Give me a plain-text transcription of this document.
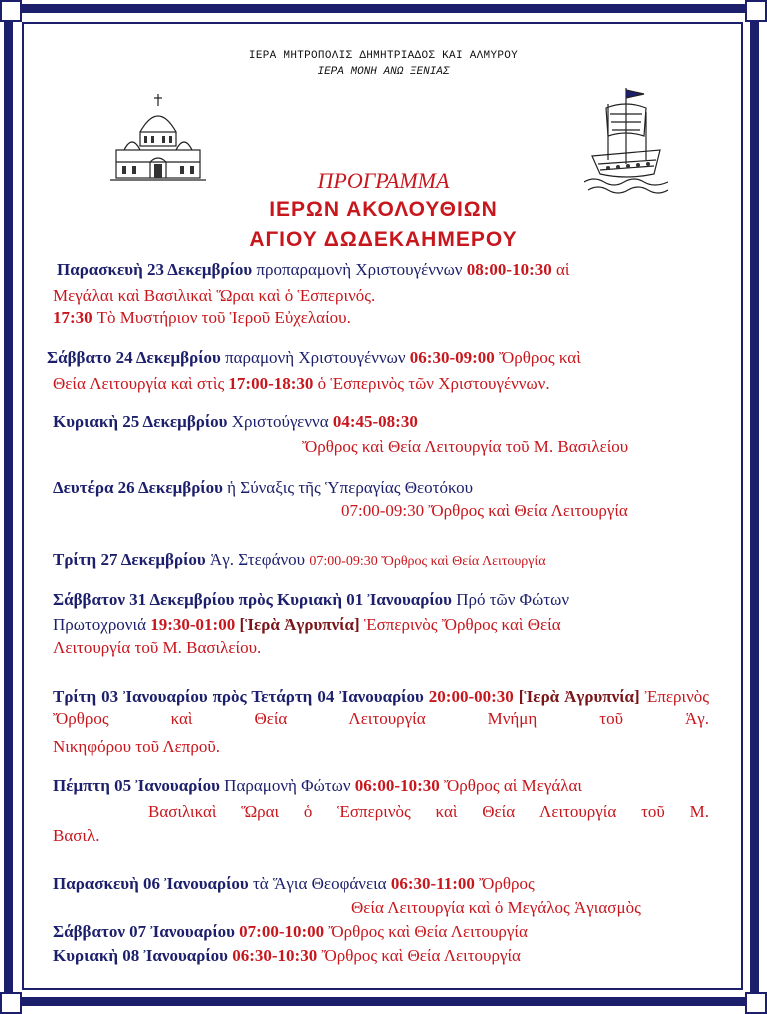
ΙΕΡΑ ΜΗΤΡΟΠΟΛΙΣ ΔΗΜΗΤΡΙΑΔΟΣ ΚΑΙ ΑΛΜΥΡΟΥ
ΙΕΡΑ ΜΟΝΗ ΑΝΩ ΞΕΝΙΑΣ
ΠΡΟΓΡΑΜΜΑ
ΙΕΡΩΝ ΑΚΟΛΟΥΘΙΩΝ
ΑΓΙΟΥ ΔΩΔΕΚΑΗΜΕΡΟΥ
Παρασκευὴ 23 Δεκεμβρίου προπαραμονὴ Χριστουγέννων 08:00-10:30 αἱ
Μεγάλαι καὶ Βασιλικαὶ Ὥραι καὶ ὁ Ἑσπερινός.
17:30 Τὸ Μυστήριον τοῦ Ἱεροῦ Εὐχελαίου.
Σάββατο 24 Δεκεμβρίου παραμονὴ Χριστουγέννων 06:30-09:00 Ὄρθρος καὶ
Θεία Λειτουργία καὶ στὶς 17:00-18:30 ὁ Ἑσπερινὸς τῶν Χριστουγέννων.
Κυριακὴ 25 Δεκεμβρίου Χριστούγεννα 04:45-08:30
Ὄρθρος καὶ Θεία Λειτουργία τοῦ Μ. Βασιλείου
Δευτέρα 26 Δεκεμβρίου ἡ Σύναξις τῆς Ὑπεραγίας Θεοτόκου
07:00-09:30 Ὄρθρος καὶ Θεία Λειτουργία
Τρίτη 27 Δεκεμβρίου Ἁγ. Στεφάνου 07:00-09:30 Ὄρθρος καὶ Θεία Λειτουργία
Σάββατον 31 Δεκεμβρίου πρὸς Κυριακὴ 01 Ἰανουαρίου Πρό τῶν Φώτων
Πρωτοχρονιά 19:30-01:00 [Ἱερὰ Ἀγρυπνία] Ἑσπερινὸς Ὄρθρος καὶ Θεία
Λειτουργία τοῦ Μ. Βασιλείου.
Τρίτη 03 Ἰανουαρίου πρὸς Τετάρτη 04 Ἰανουαρίου 20:00-00:30 [Ἱερὰ Ἀγρυπνία] Ἐπερινὸς Ὄρθρος καὶ Θεία Λειτουργία Μνήμη τοῦ Ἁγ.
Νικηφόρου τοῦ Λεπροῦ.
Πέμπτη 05 Ἰανουαρίου Παραμονὴ Φώτων 06:00-10:30 Ὄρθρος αἱ Μεγάλαι
Βασιλικαὶ Ὥραι ὁ Ἑσπερινὸς καὶ Θεία Λειτουργία τοῦ Μ.
Βασιλ.
Παρασκευὴ 06 Ἰανουαρίου τὰ Ἅγια Θεοφάνεια 06:30-11:00 Ὄρθρος
Θεία Λειτουργία καὶ ὁ Μεγάλος Ἁγιασμὸς
Σάββατον 07 Ἰανουαρίου 07:00-10:00 Ὄρθρος καὶ Θεία Λειτουργία
Κυριακὴ 08 Ἰανουαρίου 06:30-10:30 Ὄρθρος καὶ Θεία Λειτουργία
